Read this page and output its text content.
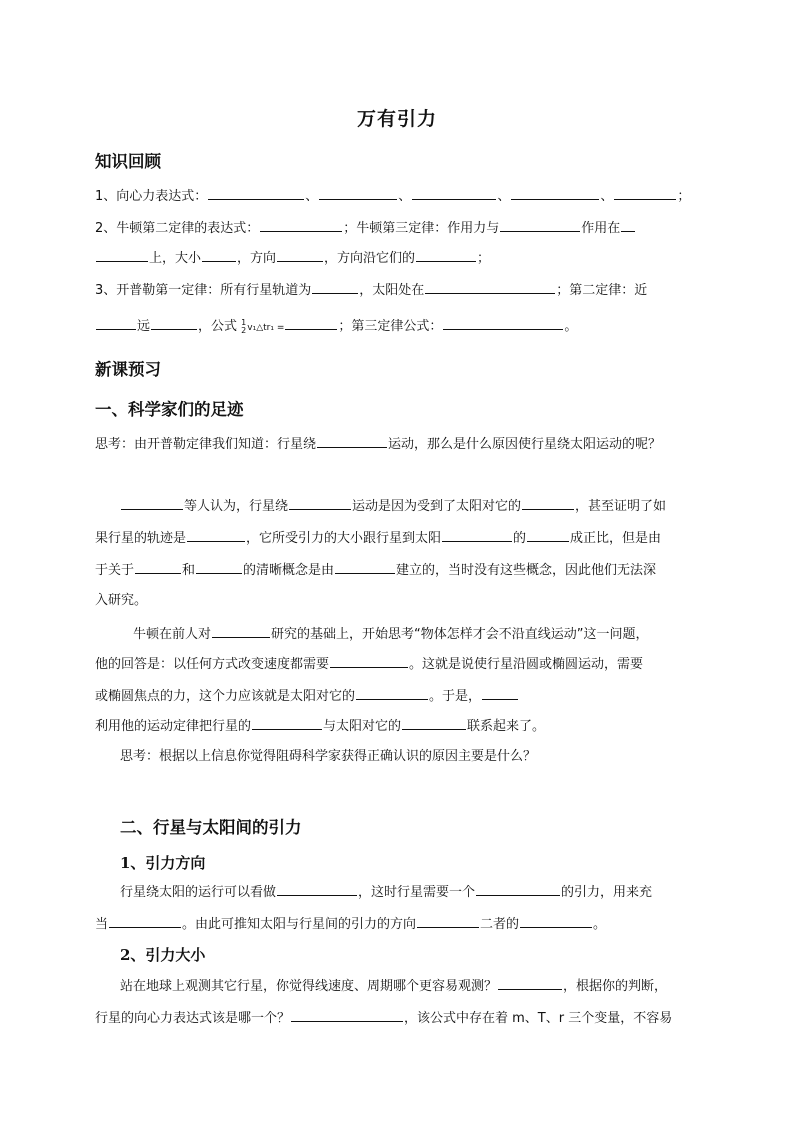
万有引力
知识回顾
1、向心力表达式：	、	、	、	、	；
2、牛顿第二定律的表达式：	；牛顿第三定律：作用力与	作用在
上，大小	，方向	，方向沿它们的	；
3、开普勒第一定律：所有行星轨道为	，太阳处在	；第二定律：近
远	，公式 1
2v₁△tr₁ =	；第三定律公式：	。
新课预习
一、科学家们的足迹
思考：由开普勒定律我们知道：行星绕	运动，那么是什么原因使行星绕太阳运动的呢？
等人认为，行星绕	运动是因为受到了太阳对它的	，甚至证明了如
果行星的轨迹是	，它所受引力的大小跟行星到太阳	的	成正比，但是由
于关于	和	的清晰概念是由	建立的，当时没有这些概念，因此他们无法深
入研究。
牛顿在前人对	研究的基础上，开始思考“物体怎样才会不沿直线运动”这一问题，
他的回答是：以任何方式改变速度都需要	。这就是说使行星沿圆或椭圆运动，需要
或椭圆焦点的力，这个力应该就是太阳对它的	。于是，
利用他的运动定律把行星的	与太阳对它的	联系起来了。
思考：根据以上信息你觉得阻碍科学家获得正确认识的原因主要是什么？
二、行星与太阳间的引力
1、引力方向
行星绕太阳的运行可以看做	，这时行星需要一个	的引力，用来充
当	。由此可推知太阳与行星间的引力的方向	二者的	。
2、引力大小
站在地球上观测其它行星，你觉得线速度、周期哪个更容易观测？	，根据你的判断，
行星的向心力表达式该是哪一个？	，该公式中存在着 m、T、r 三个变量，不容易
